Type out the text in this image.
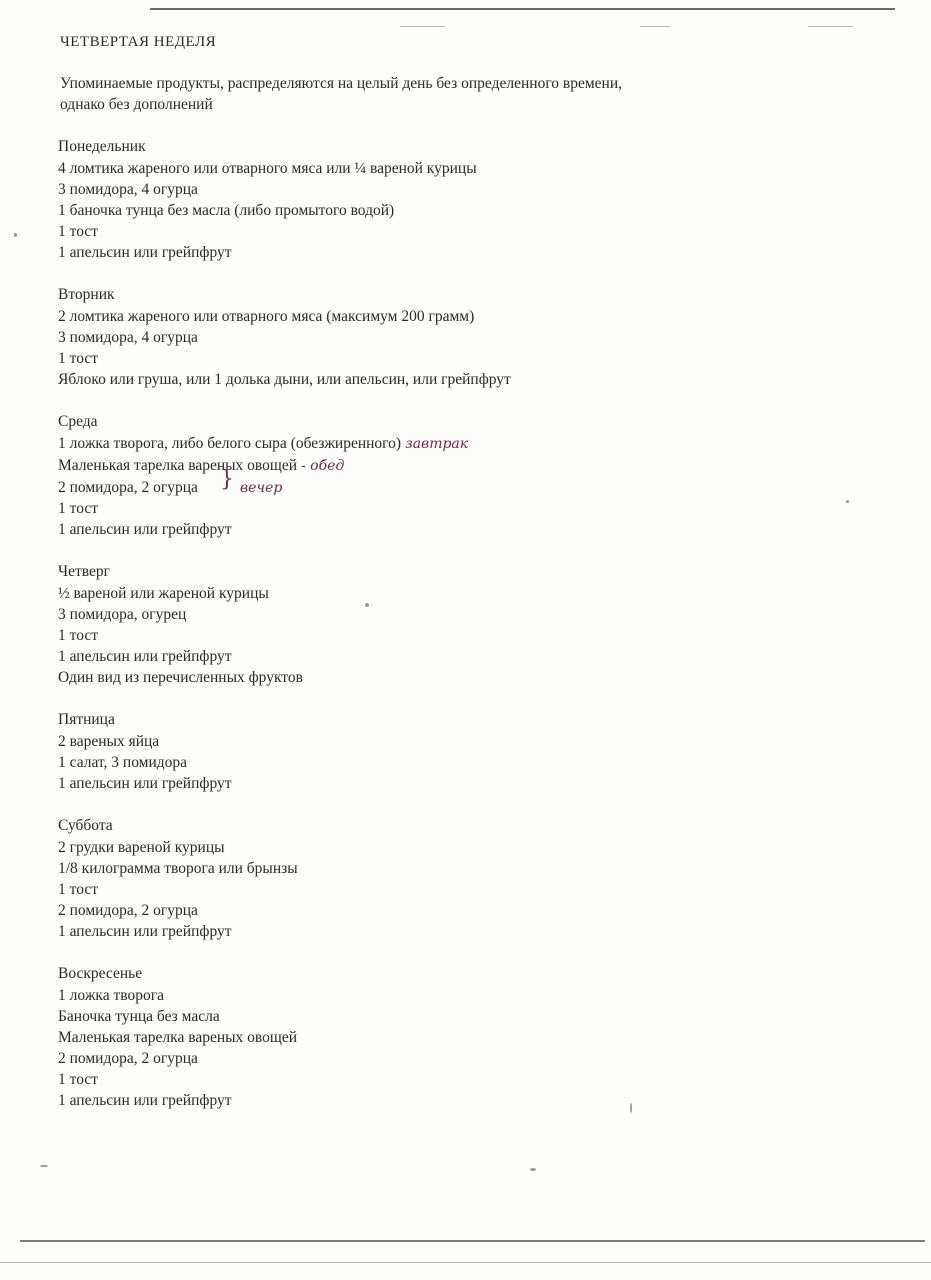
ЧЕТВЕРТАЯ НЕДЕЛЯ
Упоминаемые продукты, распределяются на целый день без определенного времени,
однако без дополнений
Понедельник
4 ломтика жареного или отварного мяса или ¼ вареной курицы
3 помидора, 4 огурца
1 баночка тунца без масла (либо промытого водой)
1 тост
1 апельсин или грейпфрут
Вторник
2 ломтика жареного или отварного мяса (максимум 200 грамм)
3 помидора, 4 огурца
1 тост
Яблоко или груша, или 1 долька дыни, или апельсин, или грейпфрут
Среда
1 ложка творога, либо белого сыра (обезжиренного) завтрак
Маленькая тарелка вареных овощей - обед
2 помидора, 2 огурца
1 тост
} вечер
1 апельсин или грейпфрут
Четверг
½ вареной или жареной курицы
3 помидора, огурец
1 тост
1 апельсин или грейпфрут
Один вид из перечисленных фруктов
Пятница
2 вареных яйца
1 салат, 3 помидора
1 апельсин или грейпфрут
Суббота
2 грудки вареной курицы
1/8 килограмма творога или брынзы
1 тост
2 помидора, 2 огурца
1 апельсин или грейпфрут
Воскресенье
1 ложка творога
Баночка тунца без масла
Маленькая тарелка вареных овощей
2 помидора, 2 огурца
1 тост
1 апельсин или грейпфрут
